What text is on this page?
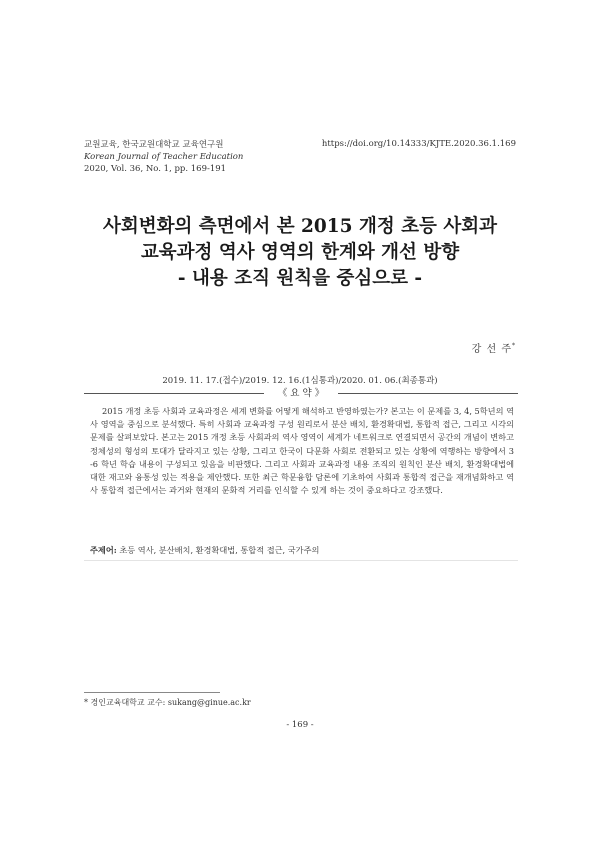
교원교육, 한국교원대학교 교육연구원
Korean Journal of Teacher Education
2020, Vol. 36, No. 1, pp. 169-191
https://doi.org/10.14333/KJTE.2020.36.1.169
사회변화의 측면에서 본 2015 개정 초등 사회과
교육과정 역사 영역의 한계와 개선 방향
- 내용 조직 원칙을 중심으로 -
강 선 주*
2019. 11. 17.(접수)/2019. 12. 16.(1심통과)/2020. 01. 06.(최종통과)
《 요 약 》
2015 개정 초등 사회과 교육과정은 세계 변화를 어떻게 해석하고 반영하였는가? 본고는 이 문제를 3, 4, 5학년의 역사 영역을 중심으로 분석했다. 특히 사회과 교육과정 구성 원리로서 분산 배치, 환경확대법, 통합적 접근, 그리고 시각의 문제를 살펴보았다. 본고는 2015 개정 초등 사회과의 역사 영역이 세계가 네트워크로 연결되면서 공간의 개념이 변하고 정체성의 형성의 토대가 달라지고 있는 상황, 그리고 한국이 다문화 사회로 전환되고 있는 상황에 역행하는 방향에서 3 -6 학년 학습 내용이 구성되고 있음을 비판했다. 그리고 사회과 교육과정 내용 조직의 원칙인 분산 배치, 환경확대법에 대한 재고와 융통성 있는 적용을 제안했다. 또한 최근 학문융합 담론에 기초하여 사회과 통합적 접근을 재개념화하고 역사 통합적 접근에서는 과거와 현재의 문화적 거리를 인식할 수 있게 하는 것이 중요하다고 강조했다.
주제어: 초등 역사, 분산배치, 환경확대법, 통합적 접근, 국가주의
* 경인교육대학교 교수: sukang@ginue.ac.kr
- 169 -
